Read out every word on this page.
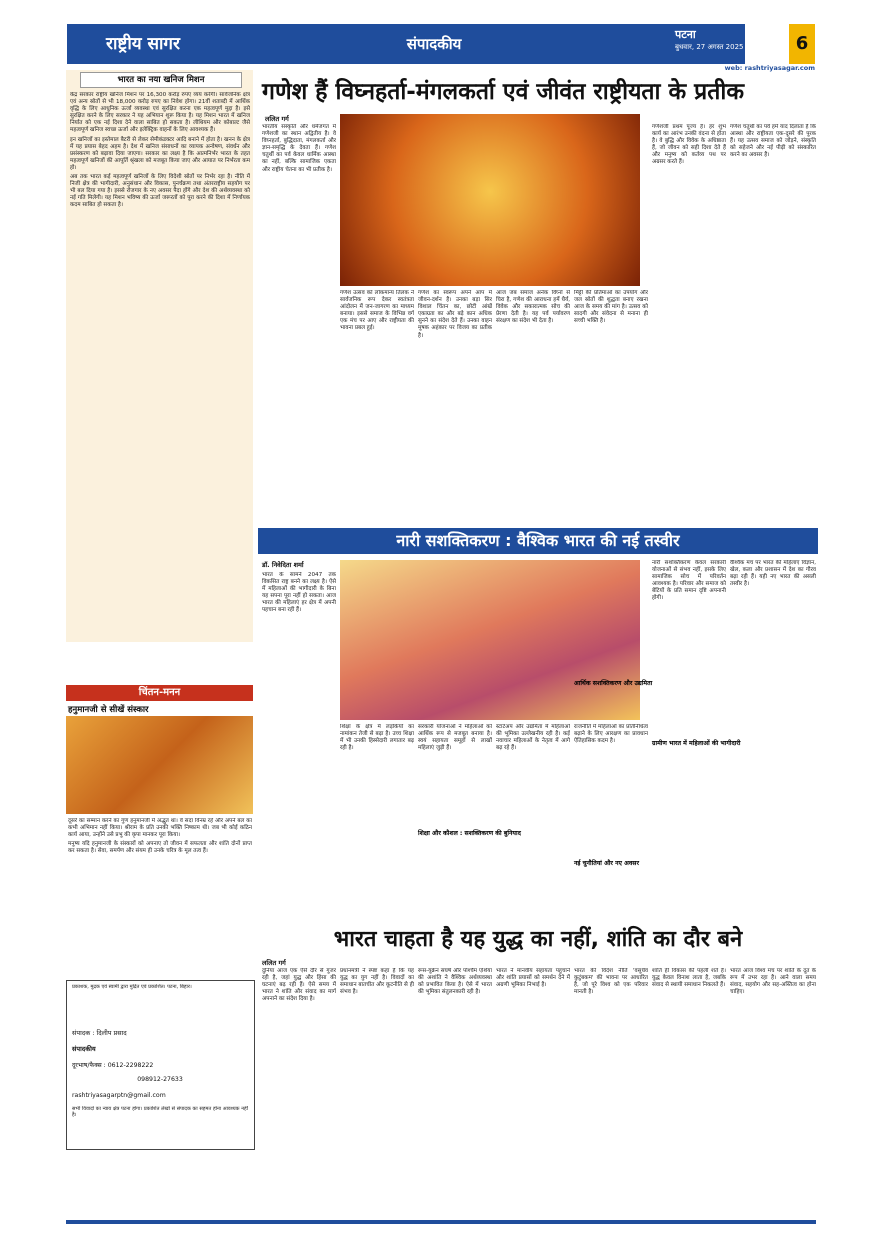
राष्ट्रीय सागर	संपादकीय
पटना
बुधवार, 27 अगस्त 2025	6
web: rashtriyasagar.com
भारत का नया खनिज मिशन

केंद्र सरकार राष्ट्रीय खनिज मिशन पर 16,300 करोड़ रुपए व्यय करेगी। सार्वजनिक क्षेत्र एवं अन्य स्रोतों से भी 18,000 करोड़ रुपए का निवेश होगा। 21वीं शताब्दी में आर्थिक वृद्धि के लिए आधुनिक ऊर्जा व्यवस्था एवं सुरक्षित करना एक महत्वपूर्ण मुद्दा है। इसे सुरक्षित करने के लिए सरकार ने यह अभियान शुरू किया है। यह मिशन भारत में खनिज निर्यात को एक नई दिशा देने वाला साबित हो सकता है। लीथियम और कोबाल्ट जैसे महत्वपूर्ण खनिज स्वच्छ ऊर्जा और इलेक्ट्रिक वाहनों के लिए आवश्यक हैं।

इन खनिजों का इस्तेमाल बैटरी से लेकर सेमीकंडक्टर आदि बनाने में होता है। खनन के क्षेत्र में यह प्रयास बेहद अहम है। देश में खनिज संसाधनों का व्यापक अन्वेषण, संवर्धन और प्रसंस्करण को बढ़ावा दिया जाएगा। सरकार का लक्ष्य है कि आत्मनिर्भर भारत के तहत महत्वपूर्ण खनिजों की आपूर्ति श्रृंखला को मजबूत किया जाए और आयात पर निर्भरता कम हो।

अब तक भारत कई महत्वपूर्ण खनिजों के लिए विदेशी स्रोतों पर निर्भर रहा है। नीति में निजी क्षेत्र की भागीदारी, अनुसंधान और विकास, पुनर्चक्रण तथा अंतरराष्ट्रीय सहयोग पर भी बल दिया गया है। इससे रोजगार के नए अवसर पैदा होंगे और देश की अर्थव्यवस्था को नई गति मिलेगी। यह मिशन भविष्य की ऊर्जा जरूरतों को पूरा करने की दिशा में निर्णायक कदम साबित हो सकता है।

चिंतन-मनन
हनुमानजी से सीखें संस्कार

दूसरे का सम्मान करने का गुण हनुमानजी में अद्भुत था। वे सदा विनम्र रहे और अपने बल का कभी अभिमान नहीं किया। श्रीराम के प्रति उनकी भक्ति निष्काम थी। जब भी कोई कठिन कार्य आया, उन्होंने उसे प्रभु की कृपा मानकर पूरा किया।

मनुष्य यदि हनुमानजी के संस्कारों को अपनाए तो जीवन में सफलता और शांति दोनों प्राप्त कर सकता है। सेवा, समर्पण और संयम ही उनके चरित्र के मूल तत्व हैं।

प्रकाशक, मुद्रक एवं स्वामी द्वारा मुद्रित एवं प्रकाशित। पटना, बिहार।
संपादक : दिलीप प्रसाद
संपादकीय
दूरभाष/फैक्स : 0612-2298222
098912-27633
rashtriyasagarptn@gmail.com
सभी विवादों का न्याय क्षेत्र पटना होगा। प्रकाशित लेखों से संपादक का सहमत होना आवश्यक नहीं है।
गणेश हैं विघ्नहर्ता-मंगलकर्ता एवं जीवंत राष्ट्रीयता के प्रतीक
ललित गर्ग
भारतीय संस्कृति और धर्मजगत में गणेशजी का स्थान अद्वितीय है। वे विघ्नहर्ता, बुद्धिदाता, मंगलकर्ता और ज्ञान-समृद्धि के देवता हैं। गणेश चतुर्थी का पर्व केवल धार्मिक आस्था का नहीं, बल्कि सामाजिक एकता और राष्ट्रीय चेतना का भी प्रतीक है।
गणेश उत्सव को लोकमान्य तिलक ने सार्वजनिक रूप देकर स्वतंत्रता आंदोलन में जन-जागरण का माध्यम बनाया। इससे समाज के विभिन्न वर्ग एक मंच पर आए और राष्ट्रीयता की भावना प्रबल हुई।
गणेश का स्वरूप अपने आप में जीवन-दर्शन है। उनका बड़ा सिर विशाल चिंतन का, छोटी आंखें एकाग्रता का और बड़े कान अधिक सुनने का संदेश देते हैं। उनका वाहन मूषक अहंकार पर विजय का प्रतीक है।
आज जब समाज अनेक विघ्नों से घिरा है, गणेश की आराधना हमें धैर्य, विवेक और सकारात्मक सोच की प्रेरणा देती है। यह पर्व पर्यावरण संरक्षण का संदेश भी देता है।
मिट्टी की प्रतिमाओं का उपयोग और जल स्रोतों की शुद्धता बनाए रखना आज के समय की मांग है। उत्सव को सादगी और संवेदना से मनाना ही सच्ची भक्ति है।
गणेशजी प्रथम पूज्य हैं। हर शुभ कार्य का आरंभ उनकी वंदना से होता है। वे बुद्धि और विवेक के अधिष्ठाता हैं, जो जीवन को सही दिशा देते हैं और मनुष्य को कर्तव्य पथ पर अग्रसर करते हैं।
गणेश चतुर्थी का पर्व हमें याद दिलाता है कि आस्था और राष्ट्रीयता एक-दूसरे की पूरक हैं। यह उत्सव समाज को जोड़ने, संस्कृति को सहेजने और नई पीढ़ी को संस्कारित करने का अवसर है।
नारी सशक्तिकरण : वैश्विक भारत की नई तस्वीर
डॉ. निवेदिता शर्मा
भारत के सामने 2047 तक विकसित राष्ट्र बनने का लक्ष्य है। ऐसे में महिलाओं की भागीदारी के बिना यह सपना पूरा नहीं हो सकता। आज भारत की महिलाएं हर क्षेत्र में अपनी पहचान बना रही हैं।
शिक्षा के क्षेत्र में लड़कियों का नामांकन तेजी से बढ़ा है। उच्च शिक्षा में भी उनकी हिस्सेदारी लगातार बढ़ रही है।
सरकारी योजनाओं ने महिलाओं को आर्थिक रूप से मजबूत बनाया है। स्वयं सहायता समूहों से लाखों महिलाएं जुड़ी हैं।
स्टार्टअप और उद्यमिता में महिलाओं की भूमिका उल्लेखनीय रही है। कई नवाचार महिलाओं के नेतृत्व में आगे बढ़ रहे हैं।
राजनीति में महिलाओं का प्रतिनिधित्व बढ़ाने के लिए आरक्षण का प्रावधान ऐतिहासिक कदम है।
नारी सशक्तिकरण केवल सरकारी योजनाओं से संभव नहीं, इसके लिए सामाजिक सोच में परिवर्तन आवश्यक है। परिवार और समाज को बेटियों के प्रति समान दृष्टि अपनानी होगी।
वैश्विक मंच पर भारत की महिलाएं विज्ञान, खेल, कला और प्रशासन में देश का गौरव बढ़ा रही हैं। यही नए भारत की असली तस्वीर है।
शिक्षा और कौशल : सशक्तिकरण की बुनियाद
आर्थिक सशक्तिकरण और उद्यमिता
ग्रामीण भारत में महिलाओं की भागीदारी
नई चुनौतियां और नए अवसर
भारत चाहता है यह युद्ध का नहीं, शांति का दौर बने
ललित गर्ग
दुनिया आज एक ऐसे दौर से गुजर रही है, जहां युद्ध और हिंसा की घटनाएं बढ़ रही हैं। ऐसे समय में भारत ने शांति और संवाद का मार्ग अपनाने का संदेश दिया है।
प्रधानमंत्री ने स्पष्ट कहा है कि यह युद्ध का युग नहीं है। विवादों का समाधान बातचीत और कूटनीति से ही संभव है।
रूस-यूक्रेन संघर्ष और पश्चिम एशिया की अशांति ने वैश्विक अर्थव्यवस्था को प्रभावित किया है। ऐसे में भारत की भूमिका संतुलनकारी रही है।
भारत ने मानवीय सहायता पहुंचाने और शांति प्रयासों को समर्थन देने में अग्रणी भूमिका निभाई है।
भारत की विदेश नीति 'वसुधैव कुटुंबकम' की भावना पर आधारित है, जो पूरे विश्व को एक परिवार मानती है।
शांति ही विकास की पहली शर्त है। युद्ध केवल विनाश लाता है, जबकि संवाद से स्थायी समाधान निकलते हैं।
भारत आज विश्व मंच पर शांति के दूत के रूप में उभर रहा है। आने वाला समय संवाद, सहयोग और सह-अस्तित्व का होना चाहिए।
